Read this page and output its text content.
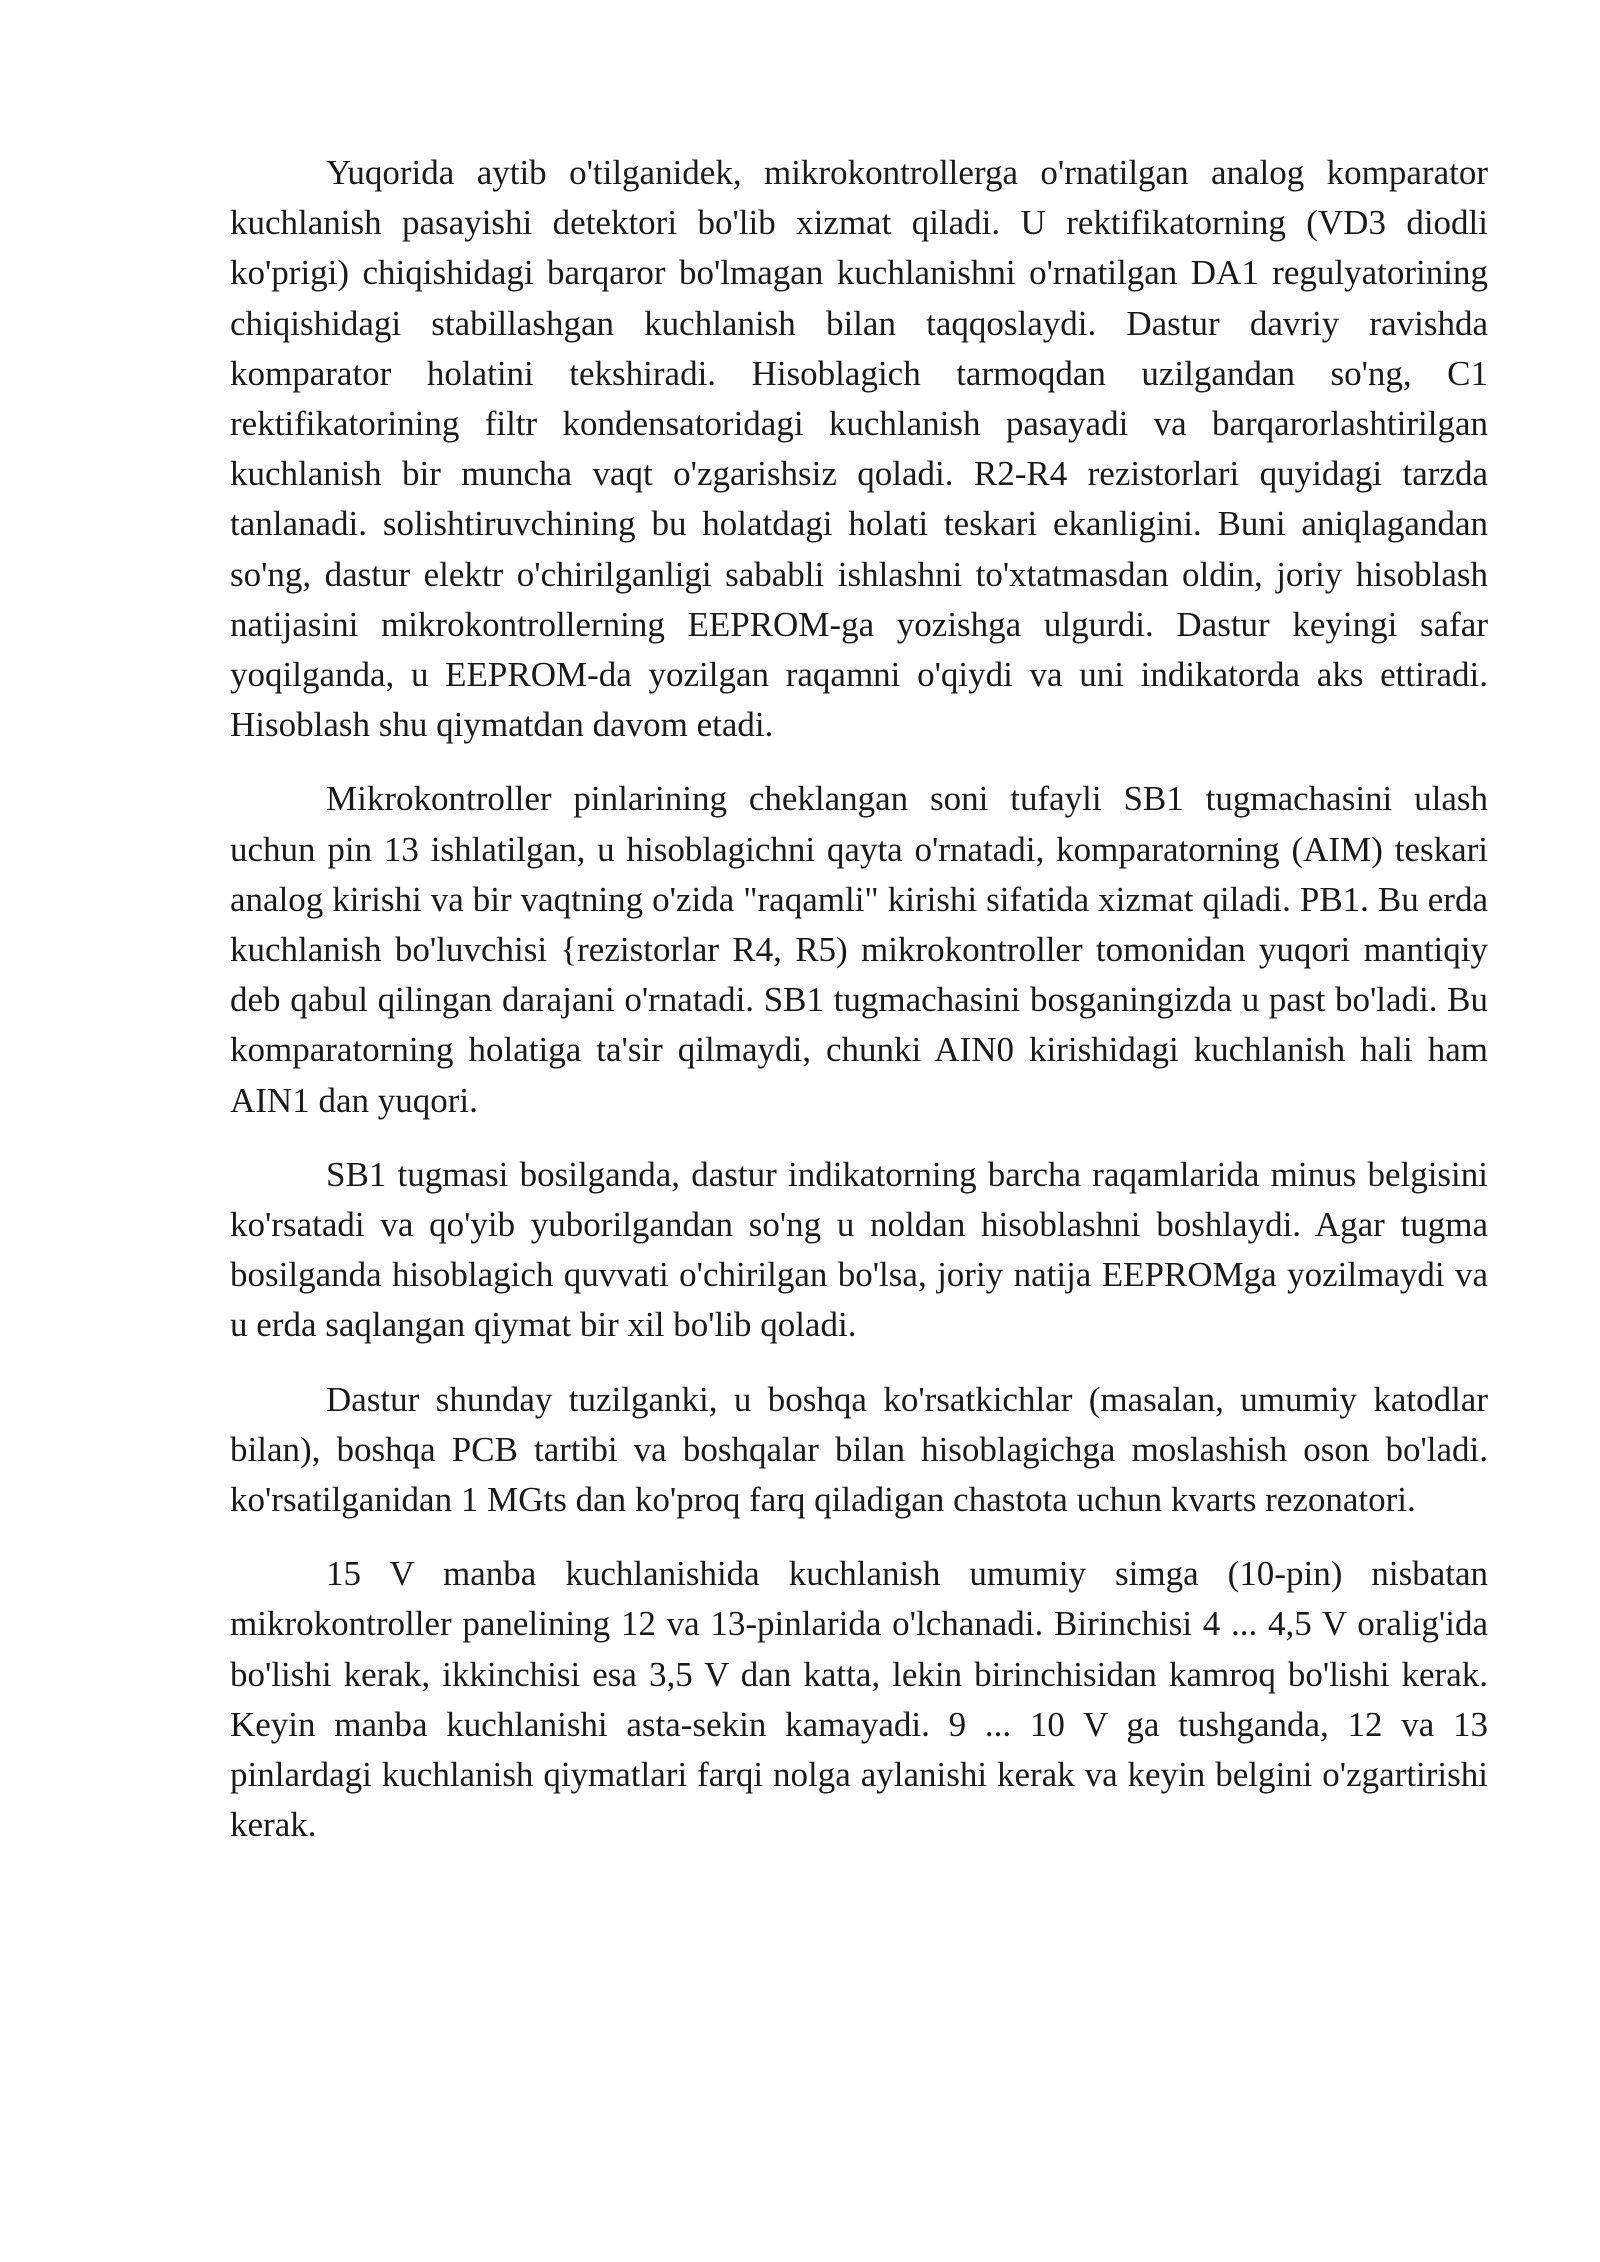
Yuqorida aytib o'tilganidek, mikrokontrollerga o'rnatilgan analog komparator kuchlanish pasayishi detektori bo'lib xizmat qiladi. U rektifikatorning (VD3 diodli ko'prigi) chiqishidagi barqaror bo'lmagan kuchlanishni o'rnatilgan DA1 regulyatorining chiqishidagi stabillashgan kuchlanish bilan taqqoslaydi. Dastur davriy ravishda komparator holatini tekshiradi. Hisoblagich tarmoqdan uzilgandan so'ng, C1 rektifikatorining filtr kondensatoridagi kuchlanish pasayadi va barqarorlashtirilgan kuchlanish bir muncha vaqt o'zgarishsiz qoladi. R2-R4 rezistorlari quyidagi tarzda tanlanadi. solishtiruvchining bu holatdagi holati teskari ekanligini. Buni aniqlagandan so'ng, dastur elektr o'chirilganligi sababli ishlashni to'xtatmasdan oldin, joriy hisoblash natijasini mikrokontrollerning EEPROM-ga yozishga ulgurdi. Dastur keyingi safar yoqilganda, u EEPROM-da yozilgan raqamni o'qiydi va uni indikatorda aks ettiradi. Hisoblash shu qiymatdan davom etadi.

Mikrokontroller pinlarining cheklangan soni tufayli SB1 tugmachasini ulash uchun pin 13 ishlatilgan, u hisoblagichni qayta o'rnatadi, komparatorning (AIM) teskari analog kirishi va bir vaqtning o'zida "raqamli" kirishi sifatida xizmat qiladi. PB1. Bu erda kuchlanish bo'luvchisi {rezistorlar R4, R5) mikrokontroller tomonidan yuqori mantiqiy deb qabul qilingan darajani o'rnatadi. SB1 tugmachasini bosganingizda u past bo'ladi. Bu komparatorning holatiga ta'sir qilmaydi, chunki AIN0 kirishidagi kuchlanish hali ham AIN1 dan yuqori.

SB1 tugmasi bosilganda, dastur indikatorning barcha raqamlarida minus belgisini ko'rsatadi va qo'yib yuborilgandan so'ng u noldan hisoblashni boshlaydi. Agar tugma bosilganda hisoblagich quvvati o'chirilgan bo'lsa, joriy natija EEPROMga yozilmaydi va u erda saqlangan qiymat bir xil bo'lib qoladi.

Dastur shunday tuzilganki, u boshqa ko'rsatkichlar (masalan, umumiy katodlar bilan), boshqa PCB tartibi va boshqalar bilan hisoblagichga moslashish oson bo'ladi. ko'rsatilganidan 1 MGts dan ko'proq farq qiladigan chastota uchun kvarts rezonatori.

15 V manba kuchlanishida kuchlanish umumiy simga (10-pin) nisbatan mikrokontroller panelining 12 va 13-pinlarida o'lchanadi. Birinchisi 4 ... 4,5 V oralig'ida bo'lishi kerak, ikkinchisi esa 3,5 V dan katta, lekin birinchisidan kamroq bo'lishi kerak. Keyin manba kuchlanishi asta-sekin kamayadi. 9 ... 10 V ga tushganda, 12 va 13 pinlardagi kuchlanish qiymatlari farqi nolga aylanishi kerak va keyin belgini o'zgartirishi kerak.
